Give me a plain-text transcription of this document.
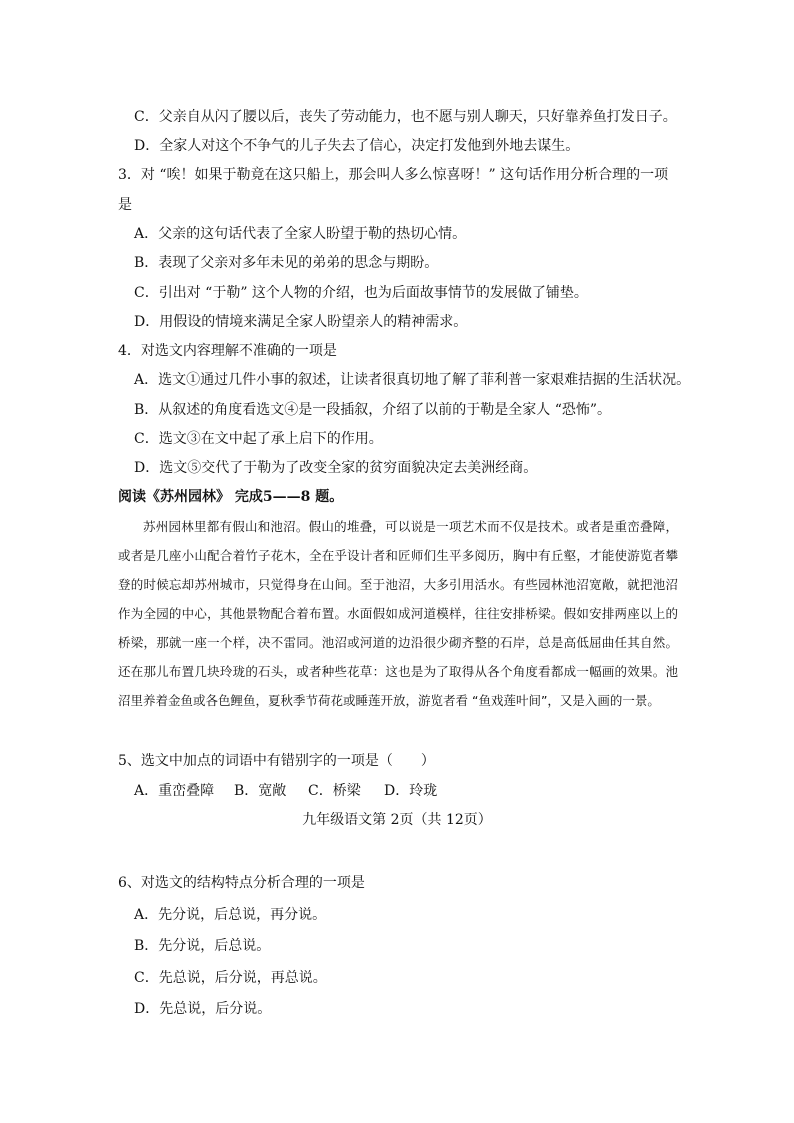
C．父亲自从闪了腰以后，丧失了劳动能力，也不愿与别人聊天，只好靠养鱼打发日子。
D．全家人对这个不争气的儿子失去了信心，决定打发他到外地去谋生。
3．对 “唉！如果于勒竟在这只船上，那会叫人多么惊喜呀！” 这句话作用分析合理的一项
是
A．父亲的这句话代表了全家人盼望于勒的热切心情。
B．表现了父亲对多年未见的弟弟的思念与期盼。
C．引出对 “于勒” 这个人物的介绍，也为后面故事情节的发展做了铺垫。
D．用假设的情境来满足全家人盼望亲人的精神需求。
4．对选文内容理解不准确的一项是
A．选文①通过几件小事的叙述，让读者很真切地了解了菲利普一家艰难拮据的生活状况。
B．从叙述的角度看选文④是一段插叙，介绍了以前的于勒是全家人 “恐怖”。
C．选文③在文中起了承上启下的作用。
D．选文⑤交代了于勒为了改变全家的贫穷面貌决定去美洲经商。
阅读《苏州园林》 完成5——8 题。

苏州园林里都有假山和池沼。假山的堆叠，可以说是一项艺术而不仅是技术。或者是重峦叠障，或者是几座小山配合着竹子花木，全在乎设计者和匠师们生平多阅历，胸中有丘壑，才能使游览者攀登的时候忘却苏州城市，只觉得身在山间。至于池沼，大多引用活水。有些园林池沼宽敞，就把池沼作为全园的中心，其他景物配合着布置。水面假如成河道模样，往往安排桥梁。假如安排两座以上的桥梁，那就一座一个样，决不雷同。池沼或河道的边沿很少砌齐整的石岸，总是高低屈曲任其自然。还在那儿布置几块玲珑的石头，或者种些花草：这也是为了取得从各个角度看都成一幅画的效果。池沼里养着金鱼或各色鲤鱼，夏秋季节荷花或睡莲开放，游览者看 “鱼戏莲叶间”，又是入画的一景。

5、选文中加点的词语中有错别字的一项是（　　）
A．重峦叠障 B．宽敞 C．桥梁 D．玲珑
九年级语文第 2页（共 12页）
6、对选文的结构特点分析合理的一项是
A．先分说，后总说，再分说。
B．先分说，后总说。
C．先总说，后分说，再总说。
D．先总说，后分说。
